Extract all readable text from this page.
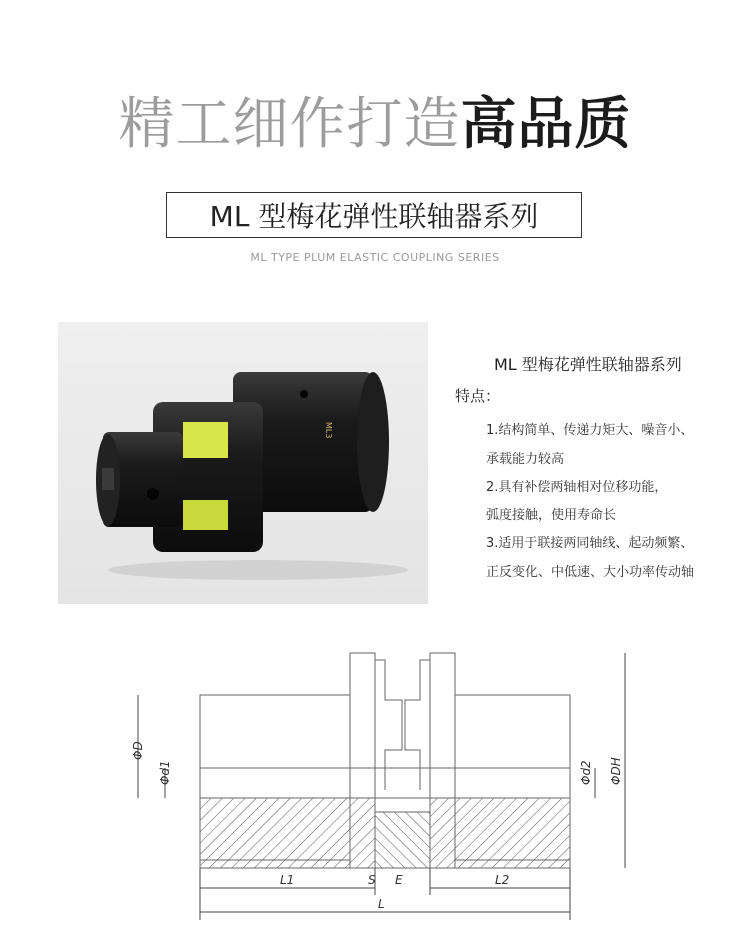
精工细作打造高品质
ML 型梅花弹性联轴器系列
ML TYPE PLUM ELASTIC COUPLING SERIES
ML3
ML 型梅花弹性联轴器系列
特点：
1.结构简单、传递力矩大、噪音小、
承载能力较高
2.具有补偿两轴相对位移功能，
弧度接触，使用寿命长
3.适用于联接两同轴线、起动频繁、
正反变化、中低速、大小功率传动轴
ΦD
Φd1	Φd2 ΦDH
L1	S E	L2
L
